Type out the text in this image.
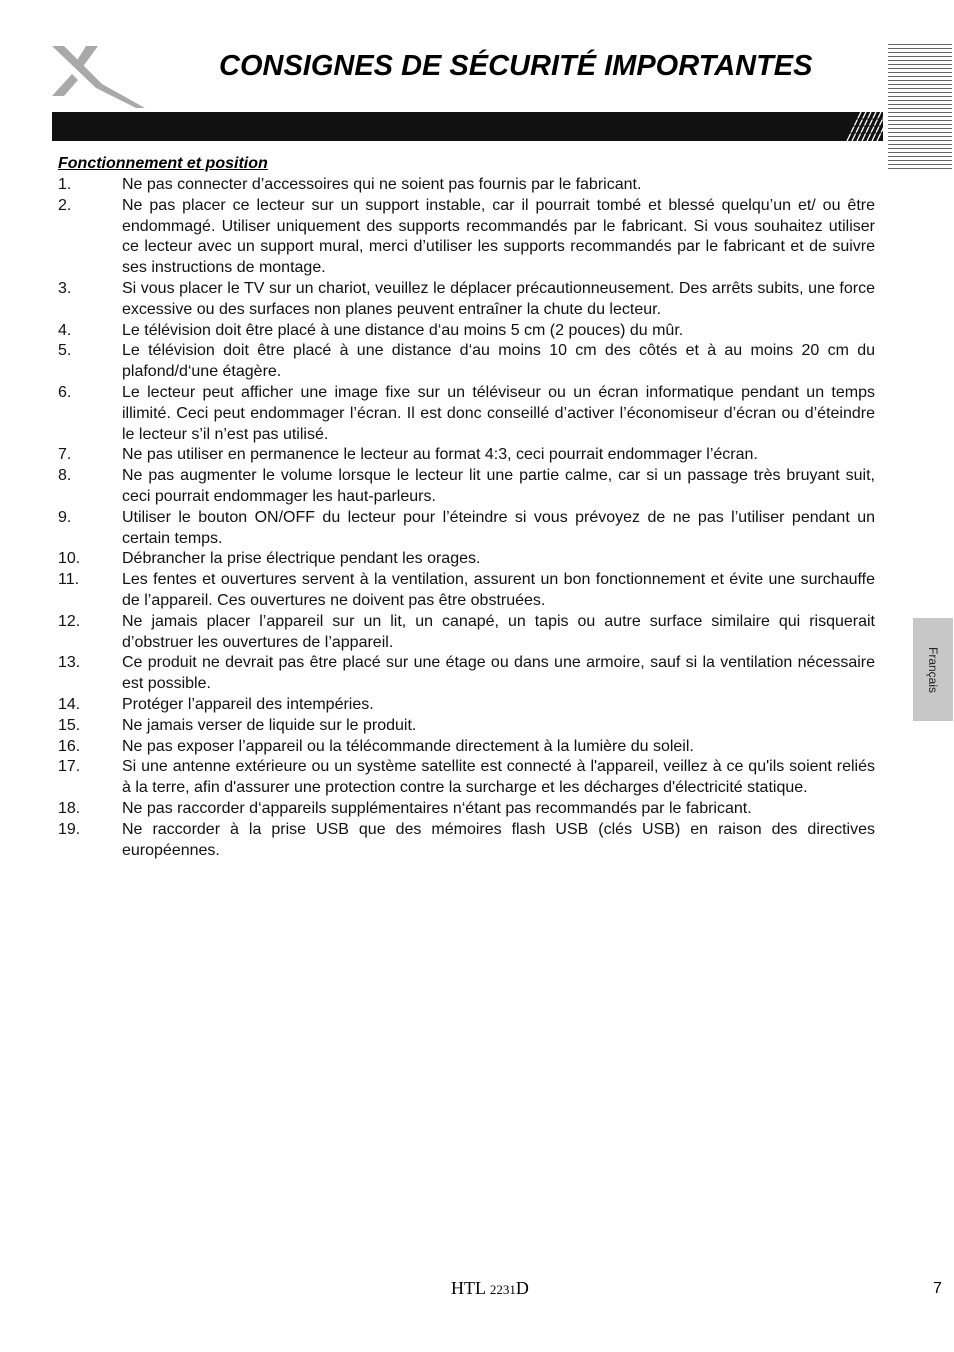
CONSIGNES DE SÉCURITÉ IMPORTANTES
Fonctionnement et position
1.	Ne pas connecter d’accessoires qui ne soient pas fournis par le fabricant.
2.	Ne pas placer ce lecteur sur un support instable, car il pourrait tombé et blessé quelqu’un et/ ou être endommagé. Utiliser uniquement des supports recommandés par le fabricant. Si vous souhaitez utiliser ce lecteur avec un support mural, merci d’utiliser les supports recommandés par le fabricant et de suivre ses instructions de montage.
3.	Si vous placer le TV sur un chariot, veuillez le déplacer précautionneusement. Des arrêts subits, une force excessive ou des surfaces non planes peuvent entraîner la chute du lecteur.
4.	Le télévision doit être placé à une distance d‘au moins 5 cm (2 pouces) du mûr.
5.	Le télévision doit être placé à une distance d‘au moins 10 cm des côtés et à au moins 20 cm du plafond/d‘une étagère.
6.	Le lecteur peut afficher une image fixe sur un téléviseur ou un écran informatique pendant un temps illimité. Ceci peut endommager l’écran. Il est donc conseillé d’activer l’économiseur d’écran ou d’éteindre le lecteur s’il n’est pas utilisé.
7.	Ne pas utiliser en permanence le lecteur au format 4:3, ceci pourrait endommager l’écran.
8.	Ne pas augmenter le volume lorsque le lecteur lit une partie calme, car si un passage très bruyant suit, ceci pourrait endommager les haut-parleurs.
9.	Utiliser le bouton ON/OFF du lecteur pour l’éteindre si vous prévoyez de ne pas l’utiliser pendant un certain temps.
10.	Débrancher la prise électrique pendant les orages.
11.	Les fentes et ouvertures servent à la ventilation, assurent un bon fonctionnement et évite une surchauffe de l’appareil. Ces ouvertures ne doivent pas être obstruées.
12.	Ne jamais placer l’appareil sur un lit, un canapé, un tapis ou autre surface similaire qui risquerait d’obstruer les ouvertures de l’appareil.
13.	Ce produit ne devrait pas être placé sur une étage ou dans une armoire, sauf si la ventilation nécessaire est possible.
14.	Protéger l’appareil des intempéries.
15.	Ne jamais verser de liquide sur le produit.
16.	Ne pas exposer l’appareil ou la télécommande directement à la lumière du soleil.
17.	Si une antenne extérieure ou un système satellite est connecté à l'appareil, veillez à ce qu'ils soient reliés à la terre, afin d'assurer une protection contre la surcharge et les décharges d'électricité statique.
18.	Ne pas raccorder d‘appareils supplémentaires n‘étant pas recommandés par le fabricant.
19.	Ne raccorder à la prise USB que des mémoires flash USB (clés USB) en raison des directives européennes.
Français
HTL 2231D	7
